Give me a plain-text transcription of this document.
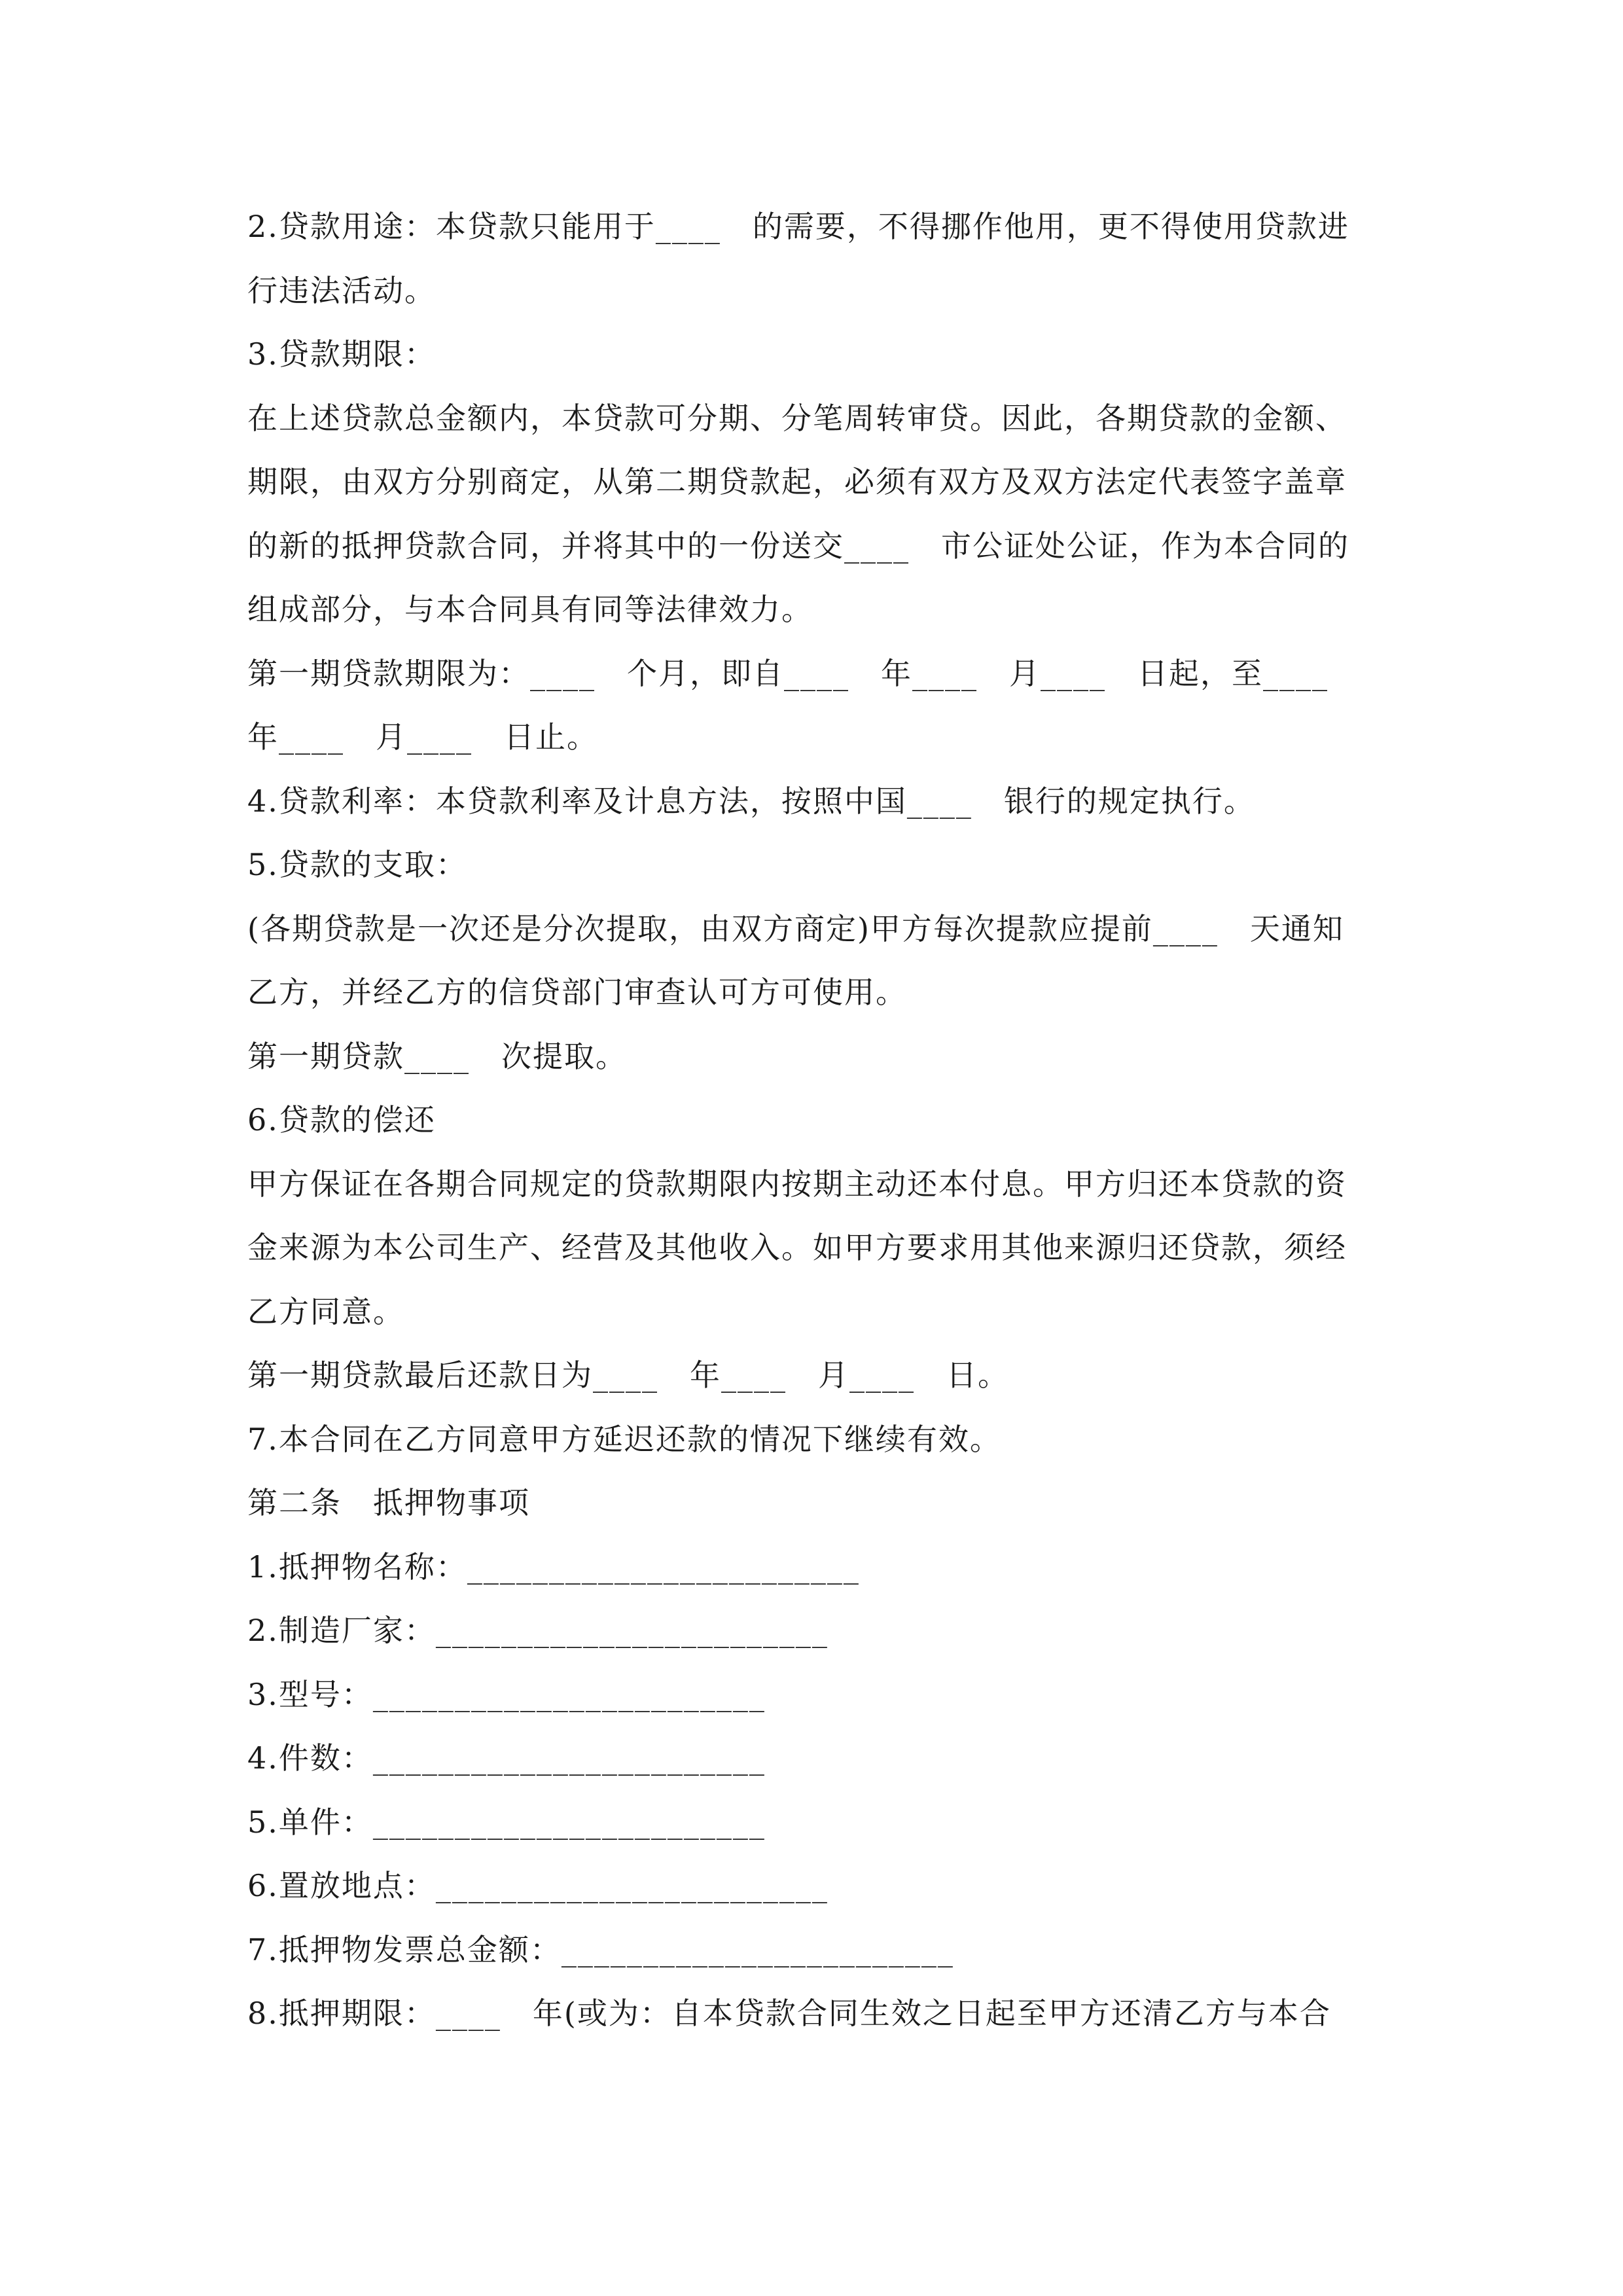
2.贷款用途：本贷款只能用于____　的需要，不得挪作他用，更不得使用贷款进
行违法活动。
3.贷款期限：
在上述贷款总金额内，本贷款可分期、分笔周转审贷。因此，各期贷款的金额、
期限，由双方分别商定，从第二期贷款起，必须有双方及双方法定代表签字盖章
的新的抵押贷款合同，并将其中的一份送交____　市公证处公证，作为本合同的
组成部分，与本合同具有同等法律效力。
第一期贷款期限为：____　个月，即自____　年____　月____　日起，至____
年____　月____　日止。
4.贷款利率：本贷款利率及计息方法，按照中国____　银行的规定执行。
5.贷款的支取：
(各期贷款是一次还是分次提取，由双方商定)甲方每次提款应提前____　天通知
乙方，并经乙方的信贷部门审查认可方可使用。
第一期贷款____　次提取。
6.贷款的偿还
甲方保证在各期合同规定的贷款期限内按期主动还本付息。甲方归还本贷款的资
金来源为本公司生产、经营及其他收入。如甲方要求用其他来源归还贷款，须经
乙方同意。
第一期贷款最后还款日为____　年____　月____　日。
7.本合同在乙方同意甲方延迟还款的情况下继续有效。
第二条　抵押物事项
1.抵押物名称：________________________
2.制造厂家：________________________
3.型号：________________________
4.件数：________________________
5.单件：________________________
6.置放地点：________________________
7.抵押物发票总金额：________________________
8.抵押期限：____　年(或为：自本贷款合同生效之日起至甲方还清乙方与本合
